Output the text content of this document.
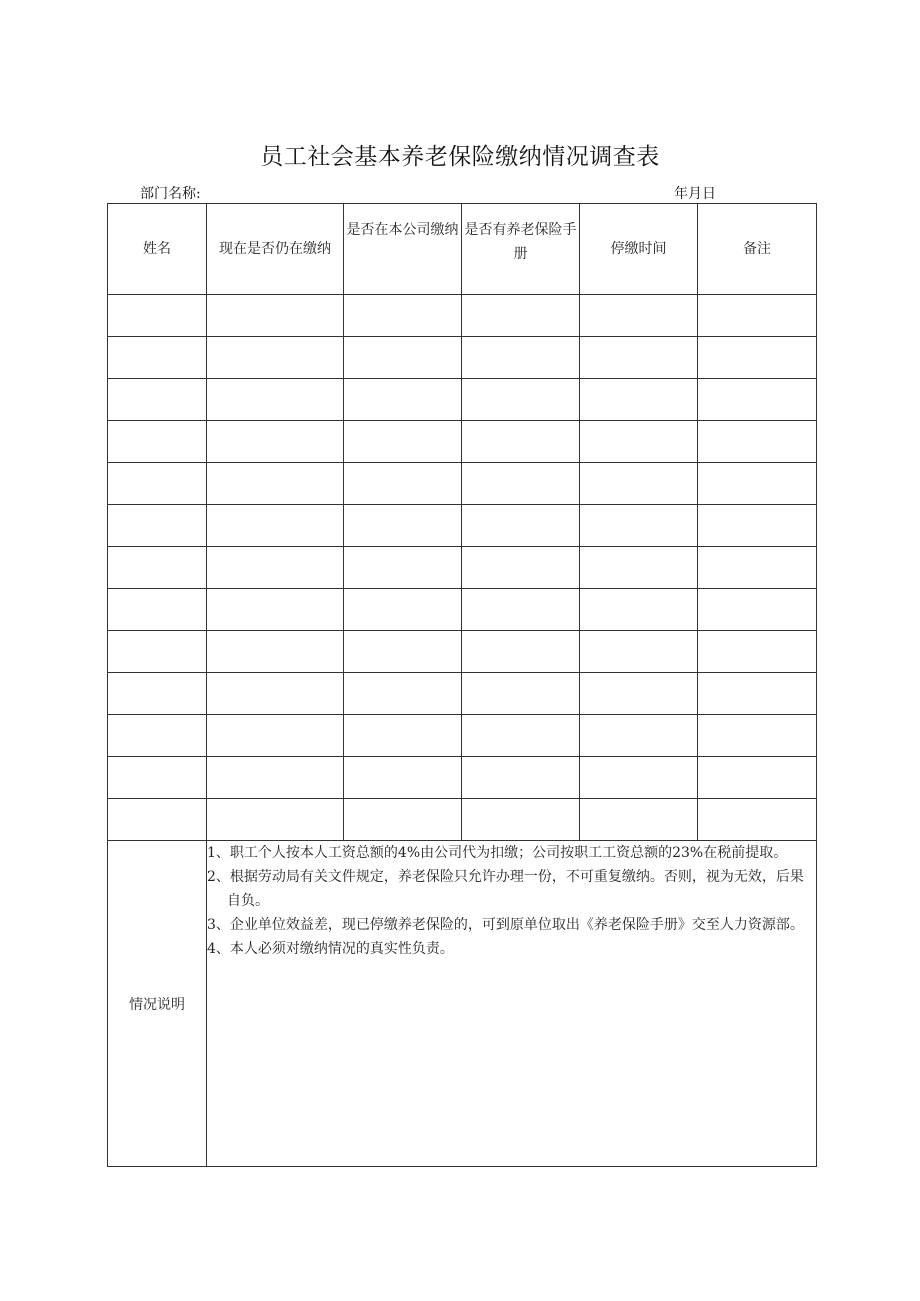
员工社会基本养老保险缴纳情况调查表
部门名称:	年月日
姓名	现在是否仍在缴纳	是否在本公司缴纳	是否有养老保险手册	停缴时间	备注

情况说明	1、职工个人按本人工资总额的4%由公司代为扣缴；公司按职工工资总额的23%在税前提取。
2、根据劳动局有关文件规定，养老保险只允许办理一份，不可重复缴纳。否则，视为无效，后果自负。
3、企业单位效益差，现已停缴养老保险的，可到原单位取出《养老保险手册》交至人力资源部。
4、本人必须对缴纳情况的真实性负责。				
